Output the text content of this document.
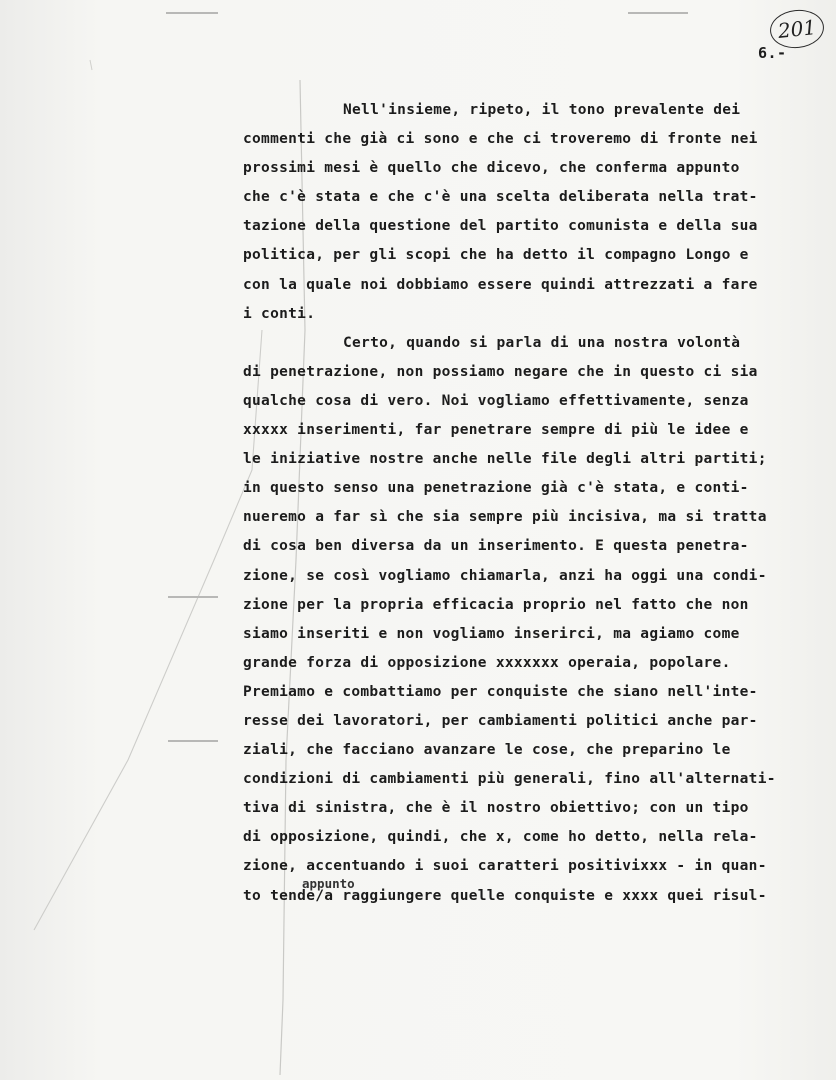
201
6.-
Nell'insieme, ripeto, il tono prevalente dei
commenti che già ci sono e che ci troveremo di fronte nei
prossimi mesi è quello che dicevo, che conferma appunto
che c'è stata e che c'è una scelta deliberata nella trat-
tazione della questione del partito comunista e della sua
politica, per gli scopi che ha detto il compagno Longo e
con la quale noi dobbiamo essere quindi attrezzati a fare
i conti.
Certo, quando si parla di una nostra volontà
di penetrazione, non possiamo negare che in questo ci sia
qualche cosa di vero. Noi vogliamo effettivamente, senza
xxxxx inserimenti, far penetrare sempre di più le idee e
le iniziative nostre anche nelle file degli altri partiti;
in questo senso una penetrazione già c'è stata, e conti-
nueremo a far sì che sia sempre più incisiva, ma si tratta
di cosa ben diversa da un inserimento. E questa penetra-
zione, se così vogliamo chiamarla, anzi ha oggi una condi-
zione per la propria efficacia proprio nel fatto che non
siamo inseriti e non vogliamo inserirci, ma agiamo come
grande forza di opposizione xxxxxxx operaia, popolare.
Premiamo e combattiamo per conquiste che siano nell'inte-
resse dei lavoratori, per cambiamenti politici anche par-
ziali, che facciano avanzare le cose, che preparino le
condizioni di cambiamenti più generali, fino all'alternati-
tiva di sinistra, che è il nostro obiettivo; con un tipo
di opposizione, quindi, che x, come ho detto, nella rela-
zione, accentuando i suoi caratteri positivixxx - in quan-
to tende/a raggiungere quelle conquiste e xxxx quei risul-
appunto
